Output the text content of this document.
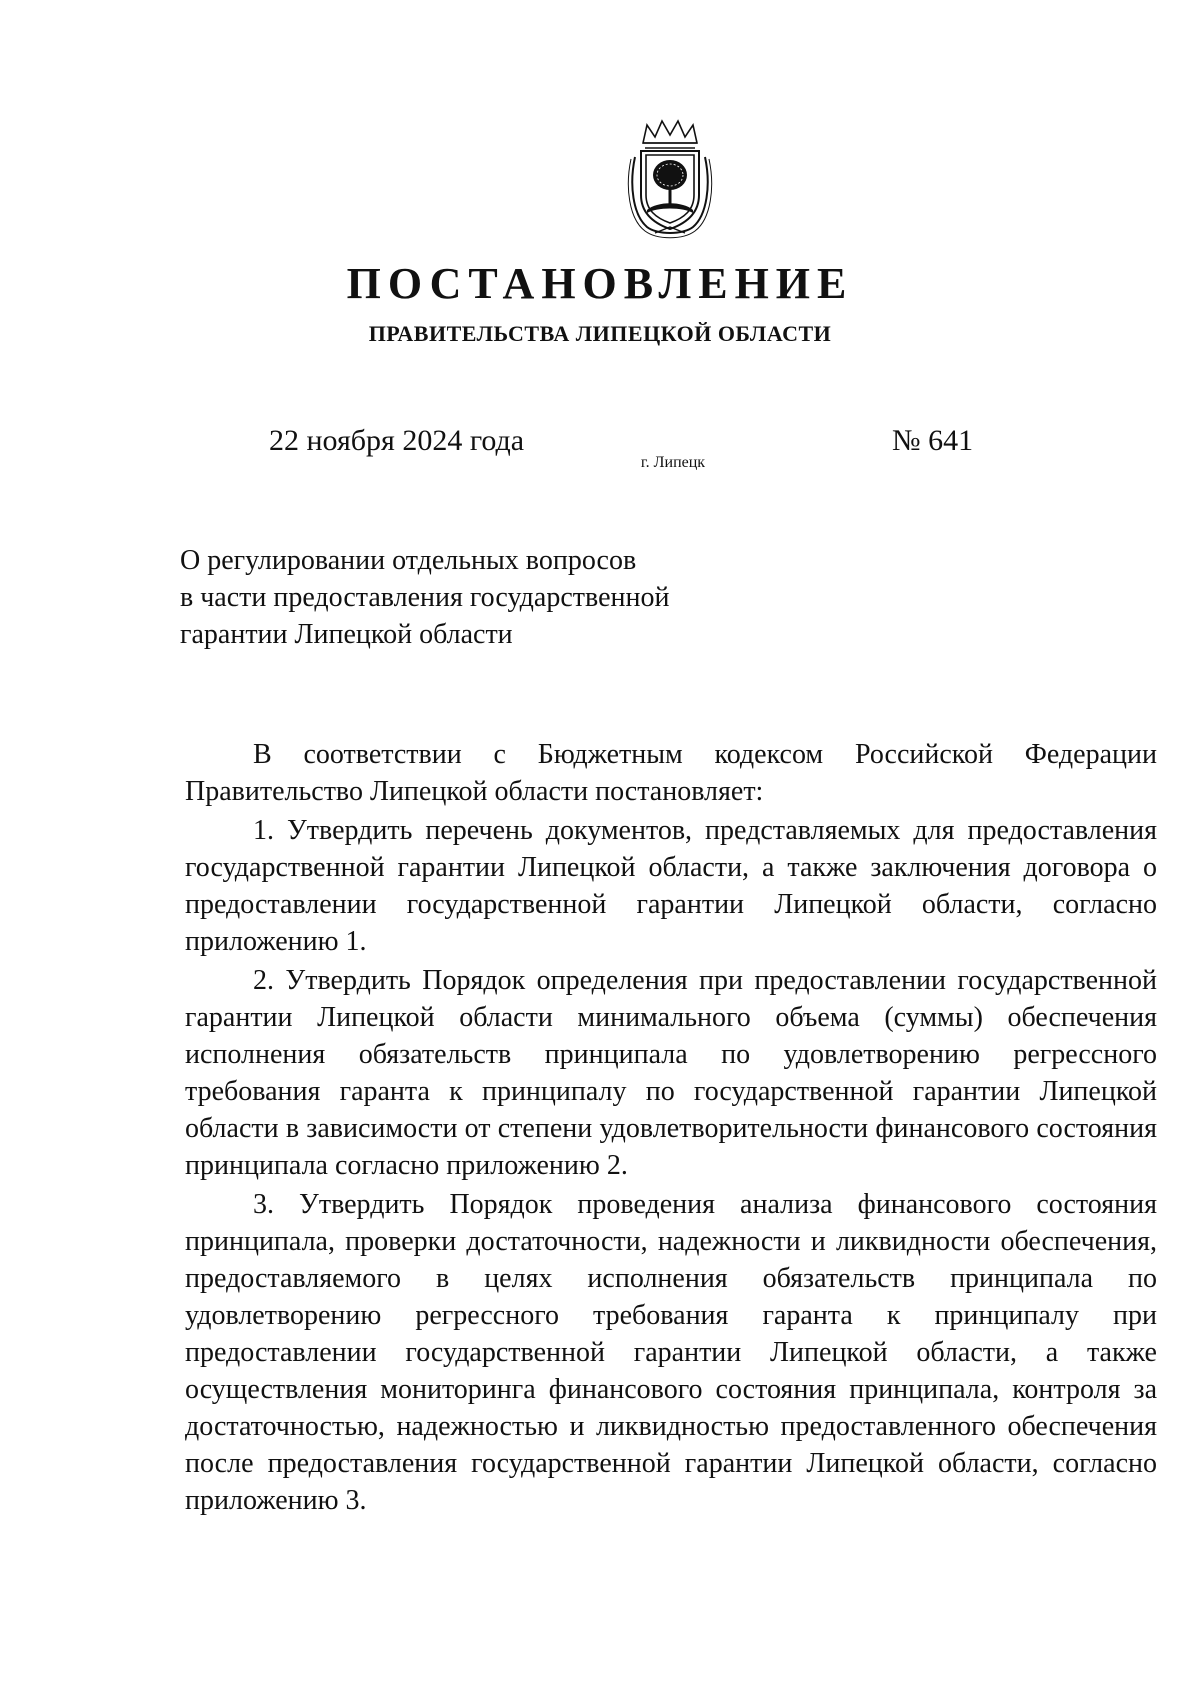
ПОСТАНОВЛЕНИЕ
ПРАВИТЕЛЬСТВА ЛИПЕЦКОЙ ОБЛАСТИ
22 ноября 2024 года
г. Липецк
№ 641
О регулировании отдельных вопросов
в части предоставления государственной
гарантии Липецкой области

В соответствии с Бюджетным кодексом Российской Федерации Правительство Липецкой области постановляет:

1. Утвердить перечень документов, представляемых для предоставления государственной гарантии Липецкой области, а также заключения договора о предоставлении государственной гарантии Липецкой области, согласно приложению 1.

2. Утвердить Порядок определения при предоставлении государственной гарантии Липецкой области минимального объема (суммы) обеспечения исполнения обязательств принципала по удовлетворению регрессного требования гаранта к принципалу по государственной гарантии Липецкой области в зависимости от степени удовлетворительности финансового состояния принципала согласно приложению 2.

3. Утвердить Порядок проведения анализа финансового состояния принципала, проверки достаточности, надежности и ликвидности обеспечения, предоставляемого в целях исполнения обязательств принципала по удовлетворению регрессного требования гаранта к принципалу при предоставлении государственной гарантии Липецкой области, а также осуществления мониторинга финансового состояния принципала, контроля за достаточностью, надежностью и ликвидностью предоставленного обеспечения после предоставления государственной гарантии Липецкой области, согласно приложению 3.
